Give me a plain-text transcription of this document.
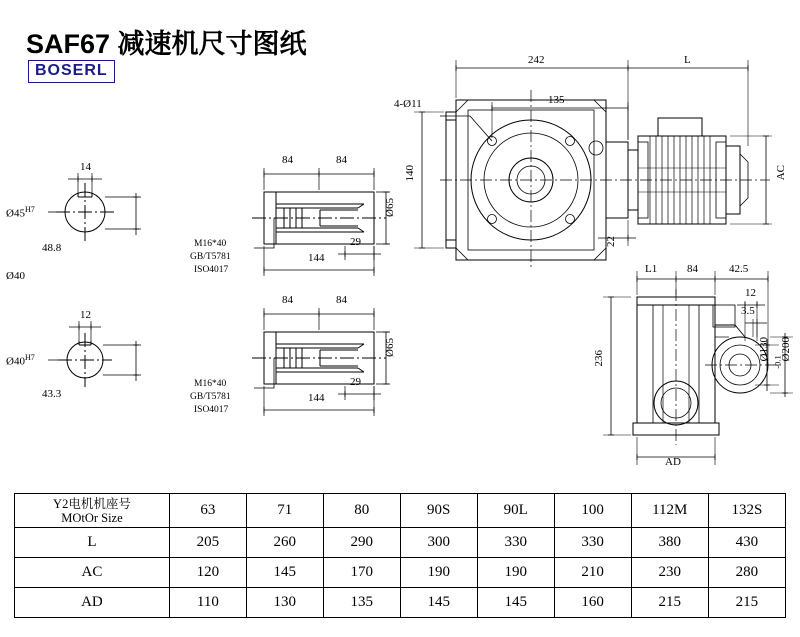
SAF67 减速机尺寸图纸
BOSERL
14
$Ø45^{H7}$
48.8
Ø40
12
$Ø40^{H7}$
43.3
84	84
29
144
Ø65
M16*40
GB/T5781
ISO4017
84	84
29
144
Ø65
M16*40
GB/T5781
ISO4017
242	L
4-Ø11	135
140
22
AC
L1	84	42.5
12
3.5
236	Ø130
-0.1
Ø200
AD
Y2电机机座号
MOtOr Size	63	71	80	90S	90L	100	112M	132S
L	205	260	290	300	330	330	380	430
AC	120	145	170	190	190	210	230	280
AD	110	130	135	145	145	160	215	215
